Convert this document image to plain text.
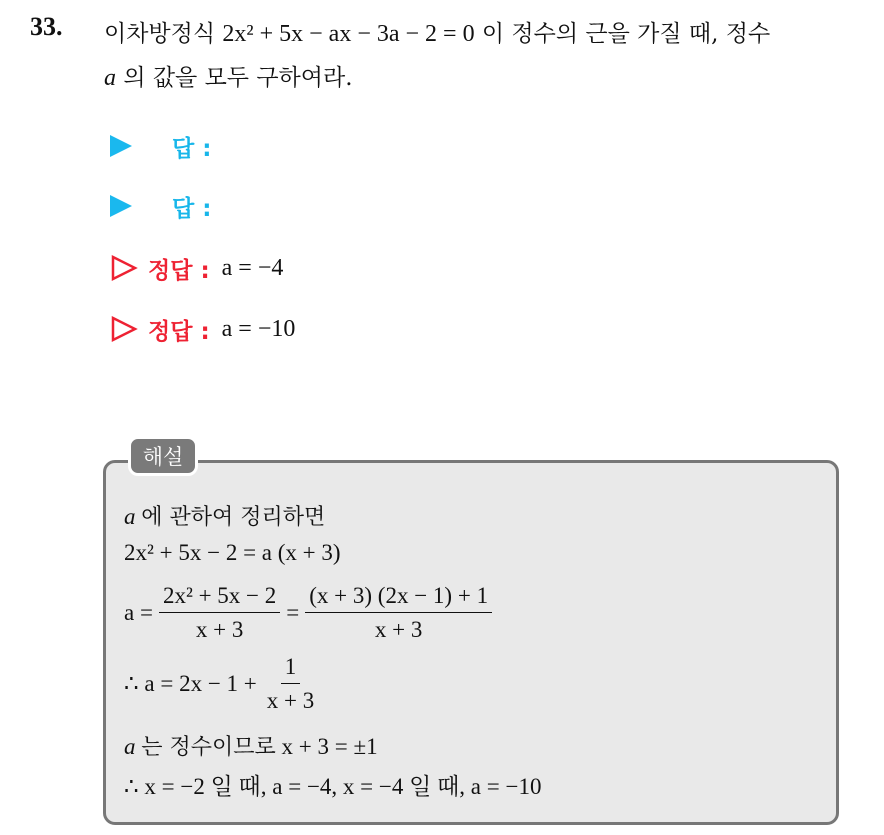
33. 이차방정식 2x² + 5x − ax − 3a − 2 = 0 이 정수의 근을 가질 때, 정수
a 의 값을 모두 구하여라.
답 :
답 :
정답 : a = −4
정답 : a = −10
해설
a 에 관하여 정리하면
2x² + 5x − 2 = a (x + 3)
$a = \frac{\text{2x² + 5x − 2}}{x + 3} = \frac{(x + 3) (2x - 1) + 1}{x + 3}$
∴ $a = 2x - 1 + \frac{1}{x + 3}$
a 는 정수이므로 x + 3 = ±1
∴ x = −2 일 때, a = −4, x = −4 일 때, a = −10
